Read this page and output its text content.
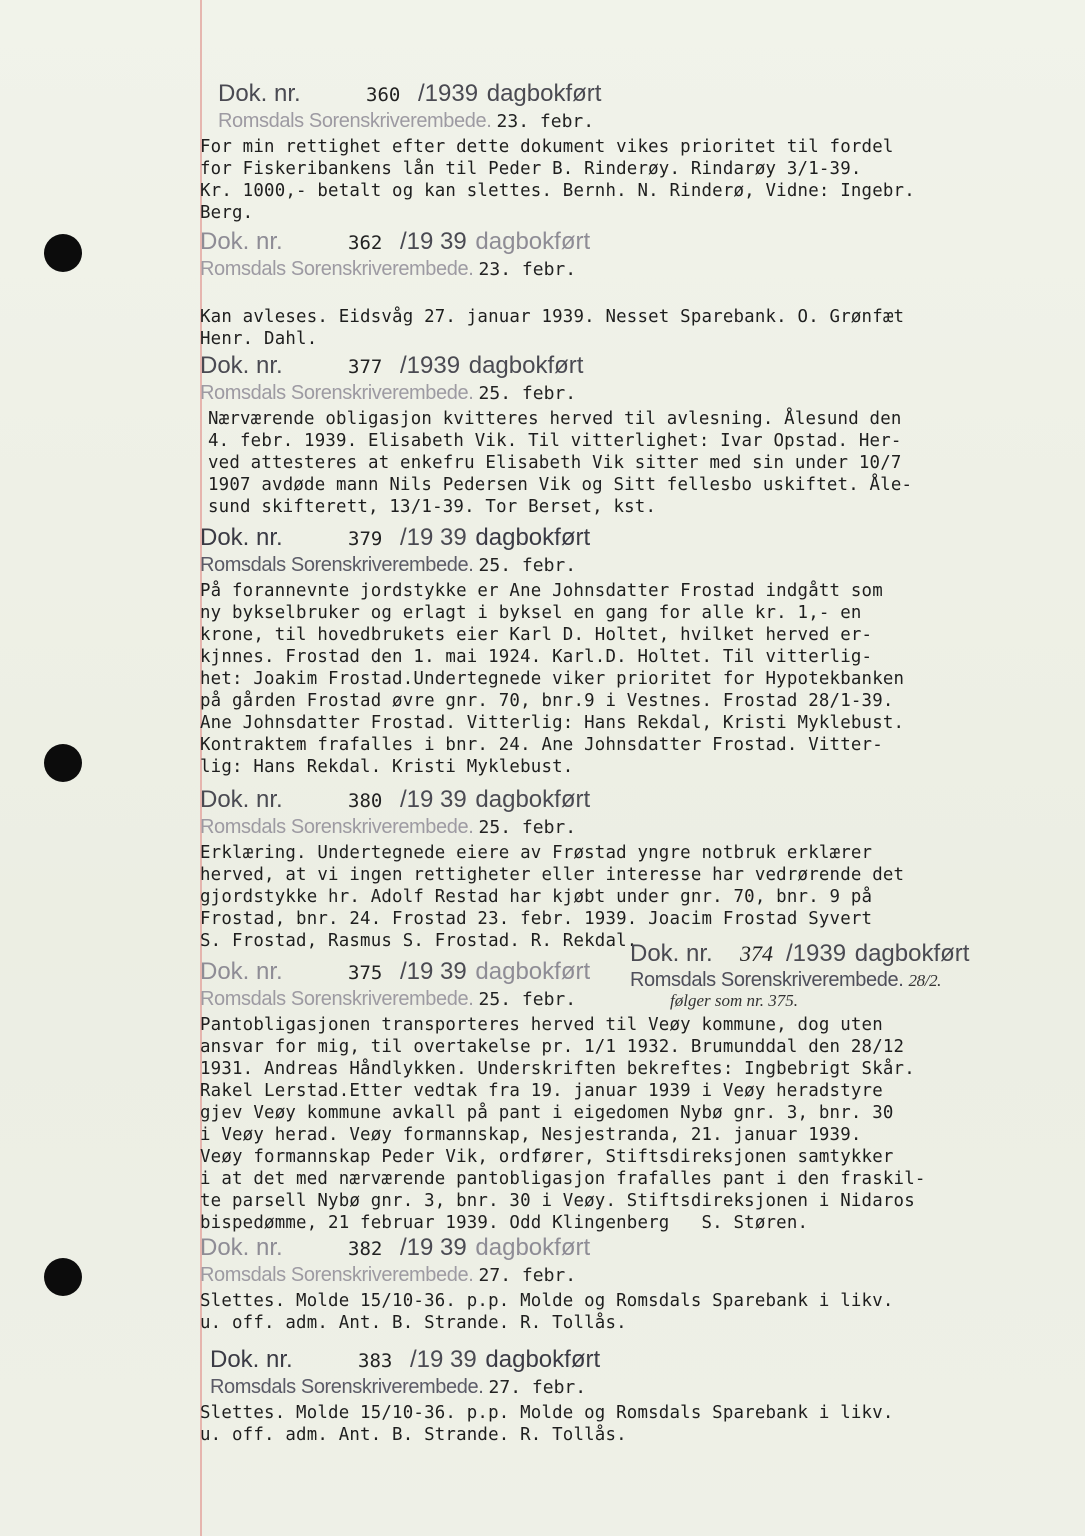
Dok. nr.	360 /1939 dagbokført
Romsdals Sorenskriverembede. 23. febr.
For min rettighet efter dette dokument vikes prioritet til fordel
for Fiskeribankens lån til Peder B. Rinderøy. Rindarøy 3/1-39.
Kr. 1000,- betalt og kan slettes. Bernh. N. Rinderø, Vidne: Ingebr.
Berg.
Dok. nr.	362 /19 39 dagbokført
Romsdals Sorenskriverembede. 23. febr.

Kan avleses. Eidsvåg 27. januar 1939. Nesset Sparebank. O. Grønfæt
Henr. Dahl.
Dok. nr.	377 /1939 dagbokført
Romsdals Sorenskriverembede. 25. febr.
Nærværende obligasjon kvitteres herved til avlesning. Ålesund den
4. febr. 1939. Elisabeth Vik. Til vitterlighet: Ivar Opstad. Her-
ved attesteres at enkefru Elisabeth Vik sitter med sin under 10/7
1907 avdøde mann Nils Pedersen Vik og Sitt fellesbo uskiftet. Åle-
sund skifterett, 13/1-39. Tor Berset, kst.
Dok. nr.	379 /19 39 dagbokført
Romsdals Sorenskriverembede. 25. febr.
På forannevnte jordstykke er Ane Johnsdatter Frostad indgått som
ny bykselbruker og erlagt i byksel en gang for alle kr. 1,- en
krone, til hovedbrukets eier Karl D. Holtet, hvilket herved er-
kjnnes. Frostad den 1. mai 1924. Karl.D. Holtet. Til vitterlig-
het: Joakim Frostad.Undertegnede viker prioritet for Hypotekbanken
på gården Frostad øvre gnr. 70, bnr.9 i Vestnes. Frostad 28/1-39.
Ane Johnsdatter Frostad. Vitterlig: Hans Rekdal, Kristi Myklebust.
Kontraktem frafalles i bnr. 24. Ane Johnsdatter Frostad. Vitter-
lig: Hans Rekdal. Kristi Myklebust.
Dok. nr.	380 /19 39 dagbokført
Romsdals Sorenskriverembede. 25. febr.
Erklæring. Undertegnede eiere av Frøstad yngre notbruk erklærer
herved, at vi ingen rettigheter eller interesse har vedrørende det
gjordstykke hr. Adolf Restad har kjøbt under gnr. 70, bnr. 9 på
Frostad, bnr. 24. Frostad 23. febr. 1939. Joacim Frostad Syvert
S. Frostad, Rasmus S. Frostad. R. Rekdal.
Dok. nr.	375 /19 39 dagbokført
Romsdals Sorenskriverembede. 25. febr.
Pantobligasjonen transporteres herved til Veøy kommune, dog uten
ansvar for mig, til overtakelse pr. 1/1 1932. Brumunddal den 28/12
1931. Andreas Håndlykken. Underskriften bekreftes: Ingbebrigt Skår.
Rakel Lerstad.Etter vedtak fra 19. januar 1939 i Veøy heradstyre
gjev Veøy kommune avkall på pant i eigedomen Nybø gnr. 3, bnr. 30
i Veøy herad. Veøy formannskap, Nesjestranda, 21. januar 1939.
Veøy formannskap Peder Vik, ordfører, Stiftsdireksjonen samtykker
i at det med nærværende pantobligasjon frafalles pant i den fraskil-
te parsell Nybø gnr. 3, bnr. 30 i Veøy. Stiftsdireksjonen i Nidaros
bispedømme, 21 februar 1939. Odd Klingenberg   S. Støren.
Dok. nr. 374 /1939 dagbokført
Romsdals Sorenskriverembede. 28/2.
følger som nr. 375.
Dok. nr.	382 /19 39 dagbokført
Romsdals Sorenskriverembede. 27. febr.
Slettes. Molde 15/10-36. p.p. Molde og Romsdals Sparebank i likv.
u. off. adm. Ant. B. Strande. R. Tollås.
Dok. nr.	383 /19 39 dagbokført
Romsdals Sorenskriverembede. 27. febr.
Slettes. Molde 15/10-36. p.p. Molde og Romsdals Sparebank i likv.
u. off. adm. Ant. B. Strande. R. Tollås.
